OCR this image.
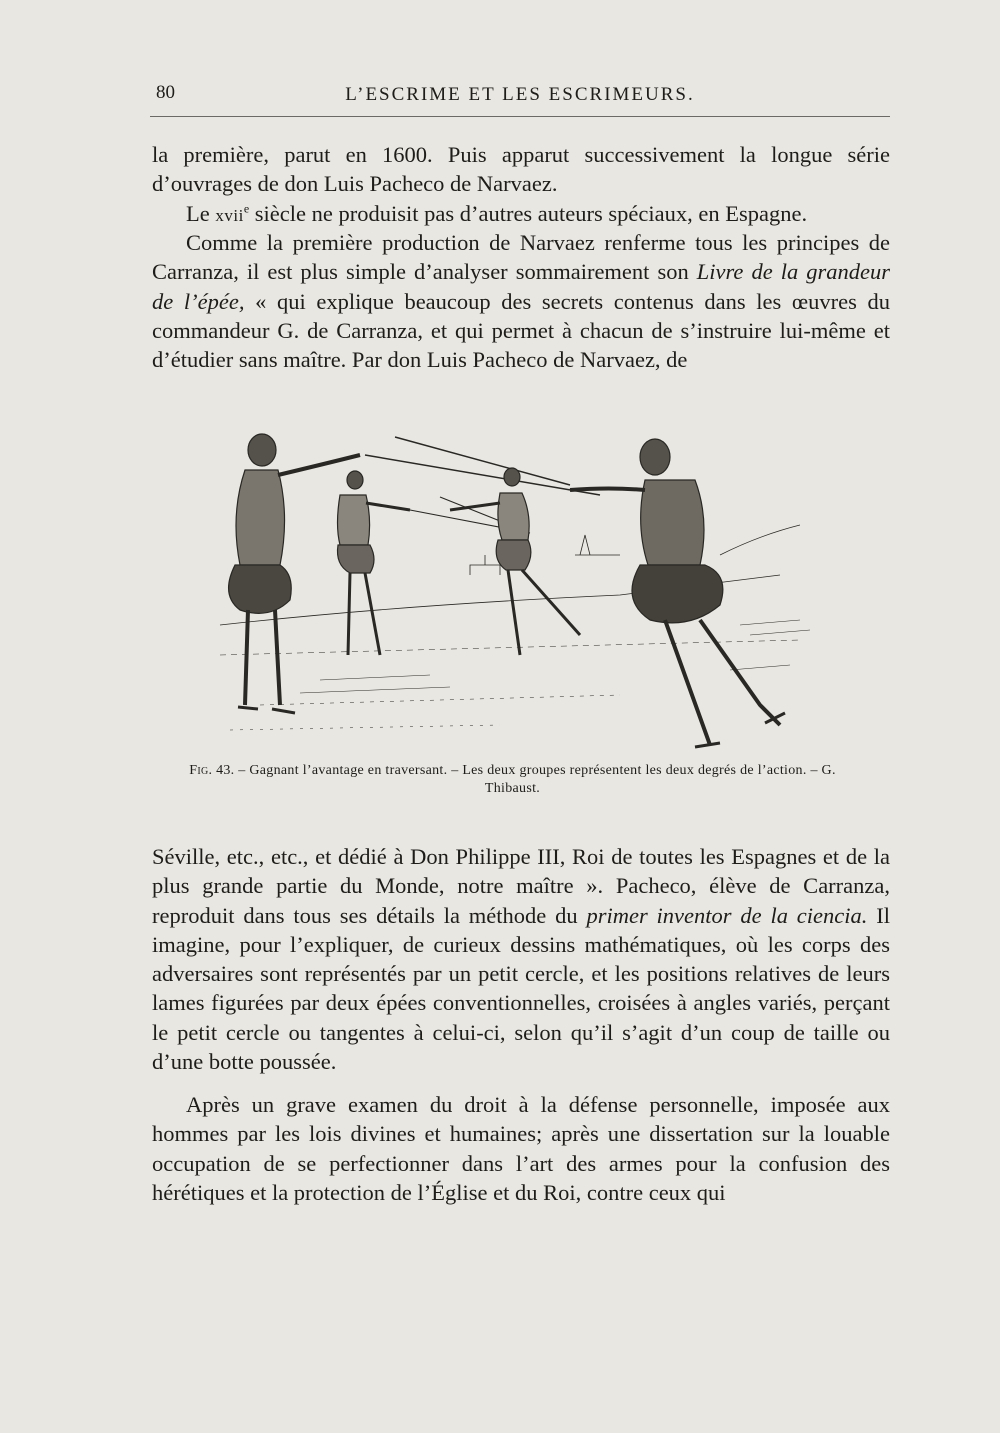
80	L’ESCRIME ET LES ESCRIMEURS.

la première, parut en 1600. Puis apparut successivement la longue série d’ouvrages de don Luis Pacheco de Narvaez.

Le xvii$^e$ siècle ne produisit pas d’autres auteurs spéciaux, en Espagne.

Comme la première production de Narvaez renferme tous les principes de Carranza, il est plus simple d’analyser sommairement son Livre de la grandeur de l’épée, « qui explique beaucoup des secrets contenus dans les œuvres du commandeur G. de Carranza, et qui permet à chacun de s’instruire lui-même et d’étudier sans maître. Par don Luis Pacheco de Narvaez, de

Fig. 43. – Gagnant l’avantage en traversant. – Les deux groupes représentent les deux degrés de l’action. – G. Thibaust.

Séville, etc., etc., et dédié à Don Philippe III, Roi de toutes les Espagnes et de la plus grande partie du Monde, notre maître ». Pacheco, élève de Carranza, reproduit dans tous ses détails la méthode du primer inventor de la ciencia. Il imagine, pour l’expliquer, de curieux dessins mathématiques, où les corps des adversaires sont représentés par un petit cercle, et les positions relatives de leurs lames figurées par deux épées conventionnelles, croisées à angles variés, perçant le petit cercle ou tangentes à celui-ci, selon qu’il s’agit d’un coup de taille ou d’une botte poussée.

Après un grave examen du droit à la défense personnelle, imposée aux hommes par les lois divines et humaines; après une dissertation sur la louable occupation de se perfectionner dans l’art des armes pour la confusion des hérétiques et la protection de l’Église et du Roi, contre ceux qui
